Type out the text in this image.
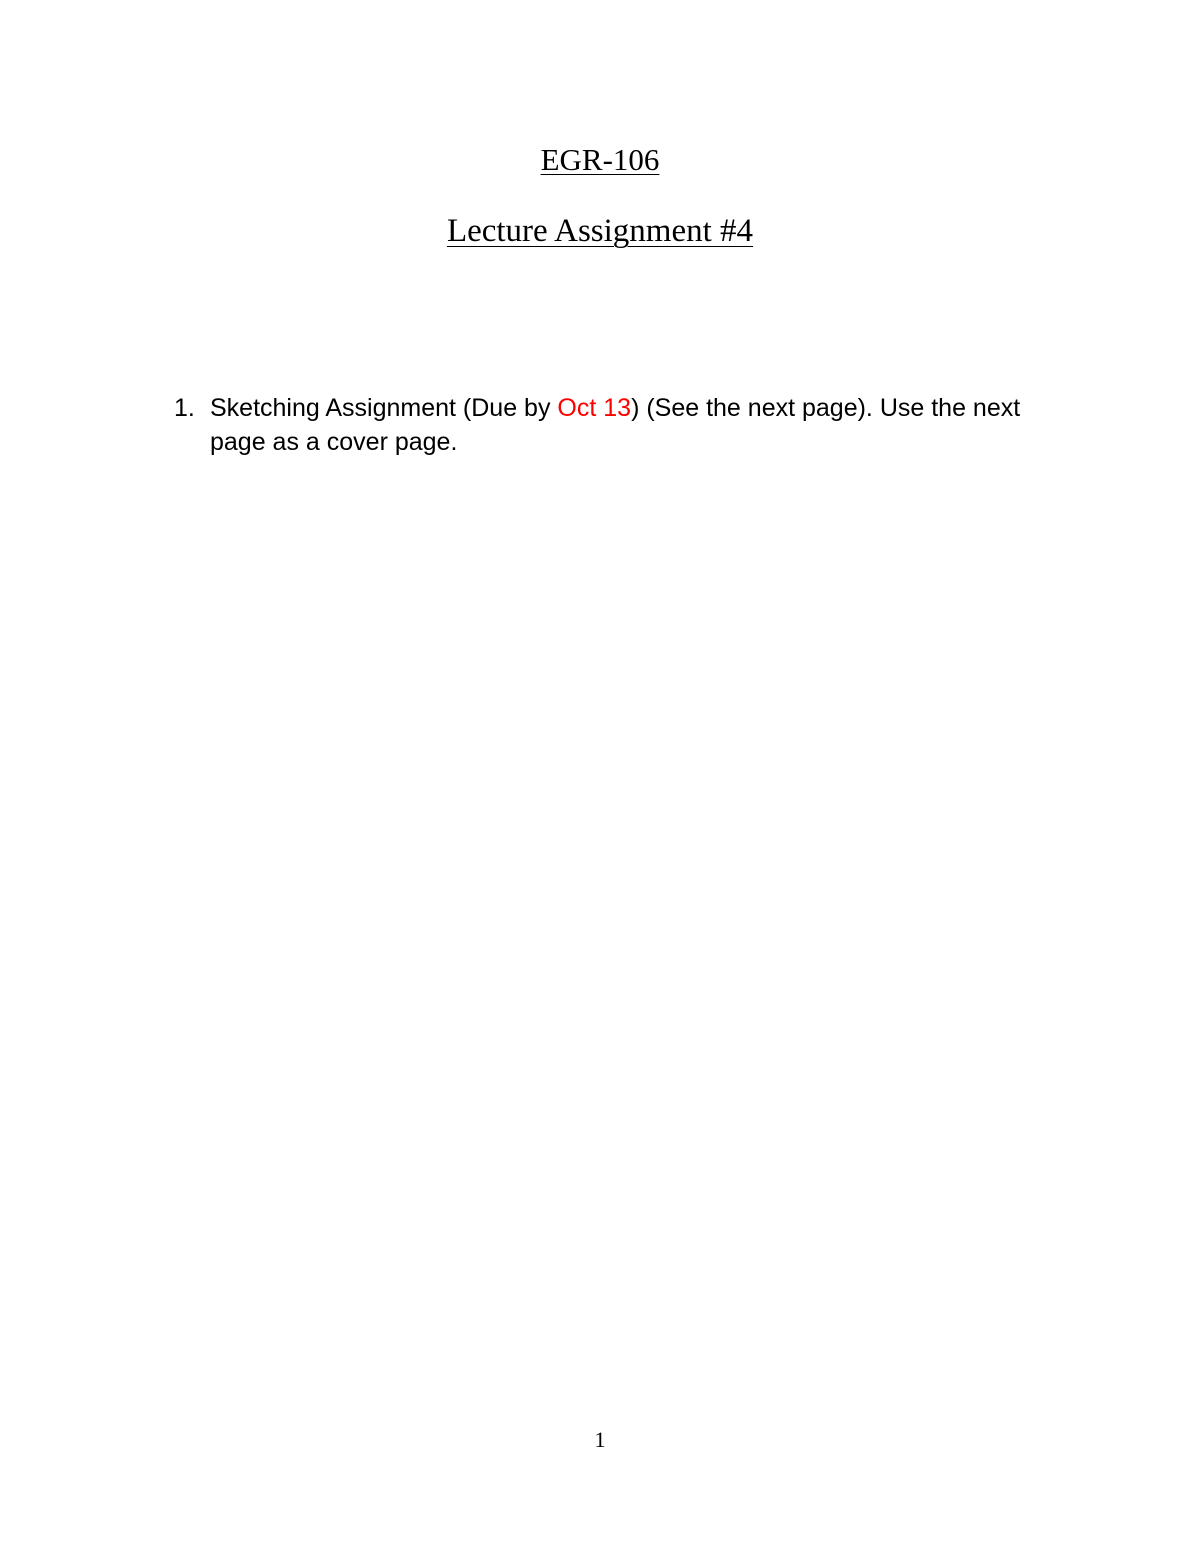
EGR-106
Lecture Assignment #4
1. Sketching Assignment (Due by Oct 13) (See the next page). Use the next page as a cover page.
1
